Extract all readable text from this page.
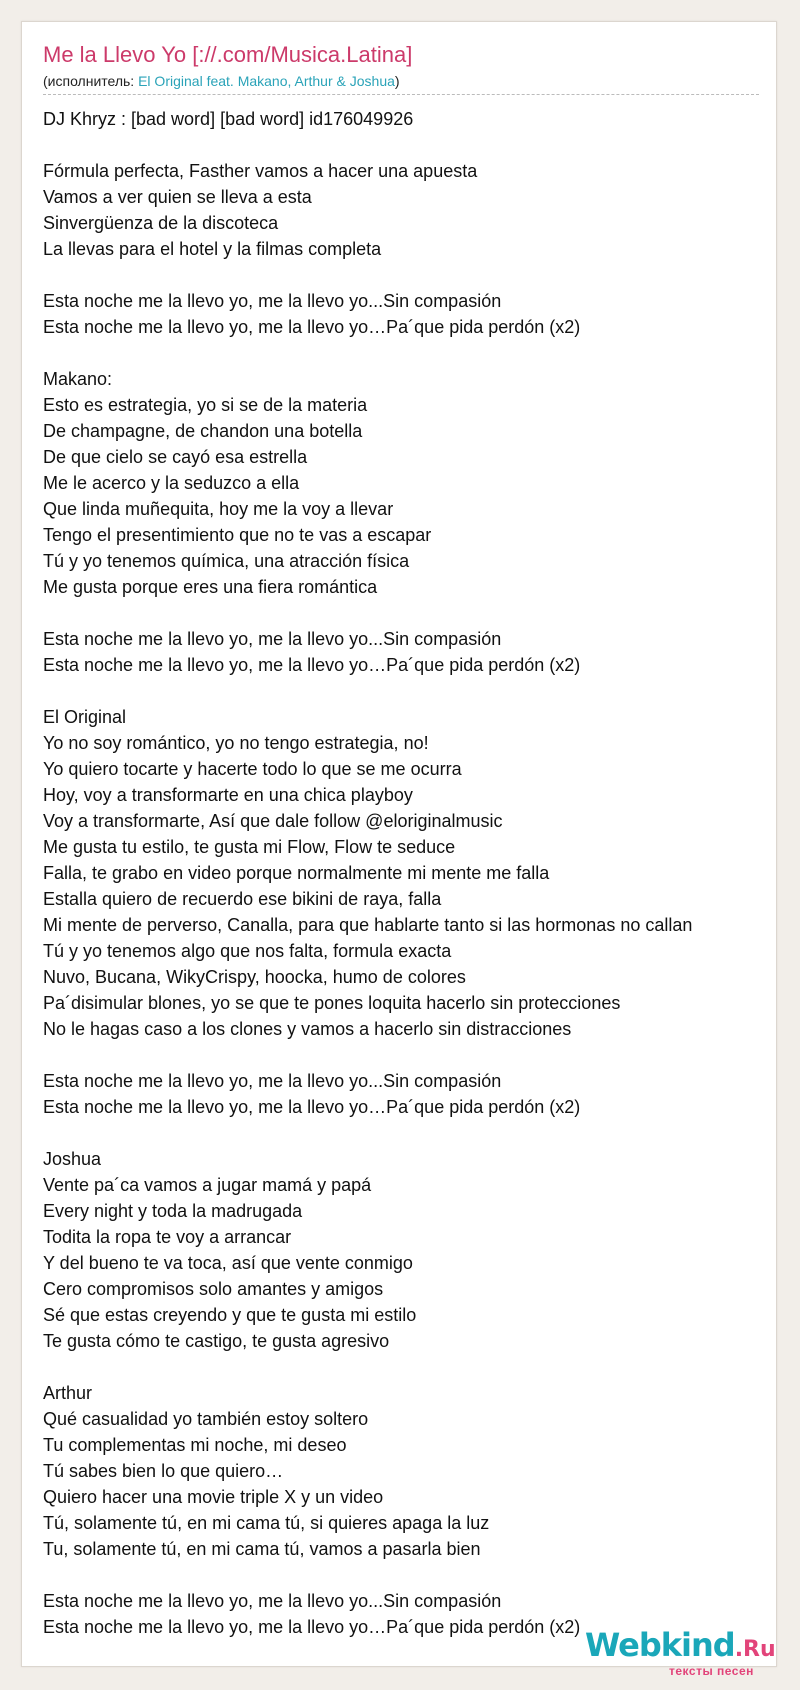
Me la Llevo Yo [://.com/Musica.Latina]
(исполнитель: El Original feat. Makano, Arthur & Joshua)
DJ Khryz : [bad word] [bad word] id176049926
Fórmula perfecta, Fasther vamos a hacer una apuesta
Vamos a ver quien se lleva a esta
Sinvergüenza de la discoteca
La llevas para el hotel y la filmas completa
Esta noche me la llevo yo, me la llevo yo...Sin compasión
Esta noche me la llevo yo, me la llevo yo…Pa´que pida perdón (x2)
Makano:
Esto es estrategia, yo si se de la materia
De champagne, de chandon una botella
De que cielo se cayó esa estrella
Me le acerco y la seduzco a ella
Que linda muñequita, hoy me la voy a llevar
Tengo el presentimiento que no te vas a escapar
Tú y yo tenemos química, una atracción física
Me gusta porque eres una fiera romántica
Esta noche me la llevo yo, me la llevo yo...Sin compasión
Esta noche me la llevo yo, me la llevo yo…Pa´que pida perdón (x2)
El Original
Yo no soy romántico, yo no tengo estrategia, no!
Yo quiero tocarte y hacerte todo lo que se me ocurra
Hoy, voy a transformarte en una chica playboy
Voy a transformarte, Así que dale follow @eloriginalmusic
Me gusta tu estilo, te gusta mi Flow, Flow te seduce
Falla, te grabo en video porque normalmente mi mente me falla
Estalla quiero de recuerdo ese bikini de raya, falla
Mi mente de perverso, Canalla, para que hablarte tanto si las hormonas no callan
Tú y yo tenemos algo que nos falta, formula exacta
Nuvo, Bucana, WikyCrispy, hoocka, humo de colores
Pa´disimular blones, yo se que te pones loquita hacerlo sin protecciones
No le hagas caso a los clones y vamos a hacerlo sin distracciones
Esta noche me la llevo yo, me la llevo yo...Sin compasión
Esta noche me la llevo yo, me la llevo yo…Pa´que pida perdón (x2)
Joshua
Vente pa´ca vamos a jugar mamá y papá
Every night y toda la madrugada
Todita la ropa te voy a arrancar
Y del bueno te va toca, así que vente conmigo
Cero compromisos solo amantes y amigos
Sé que estas creyendo y que te gusta mi estilo
Te gusta cómo te castigo, te gusta agresivo
Arthur
Qué casualidad yo también estoy soltero
Tu complementas mi noche, mi deseo
Tú sabes bien lo que quiero…
Quiero hacer una movie triple X y un video
Tú, solamente tú, en mi cama tú, si quieres apaga la luz
Tu, solamente tú, en mi cama tú, vamos a pasarla bien
Esta noche me la llevo yo, me la llevo yo...Sin compasión
Esta noche me la llevo yo, me la llevo yo…Pa´que pida perdón (x2) Webkind.Ru
тексты песен
